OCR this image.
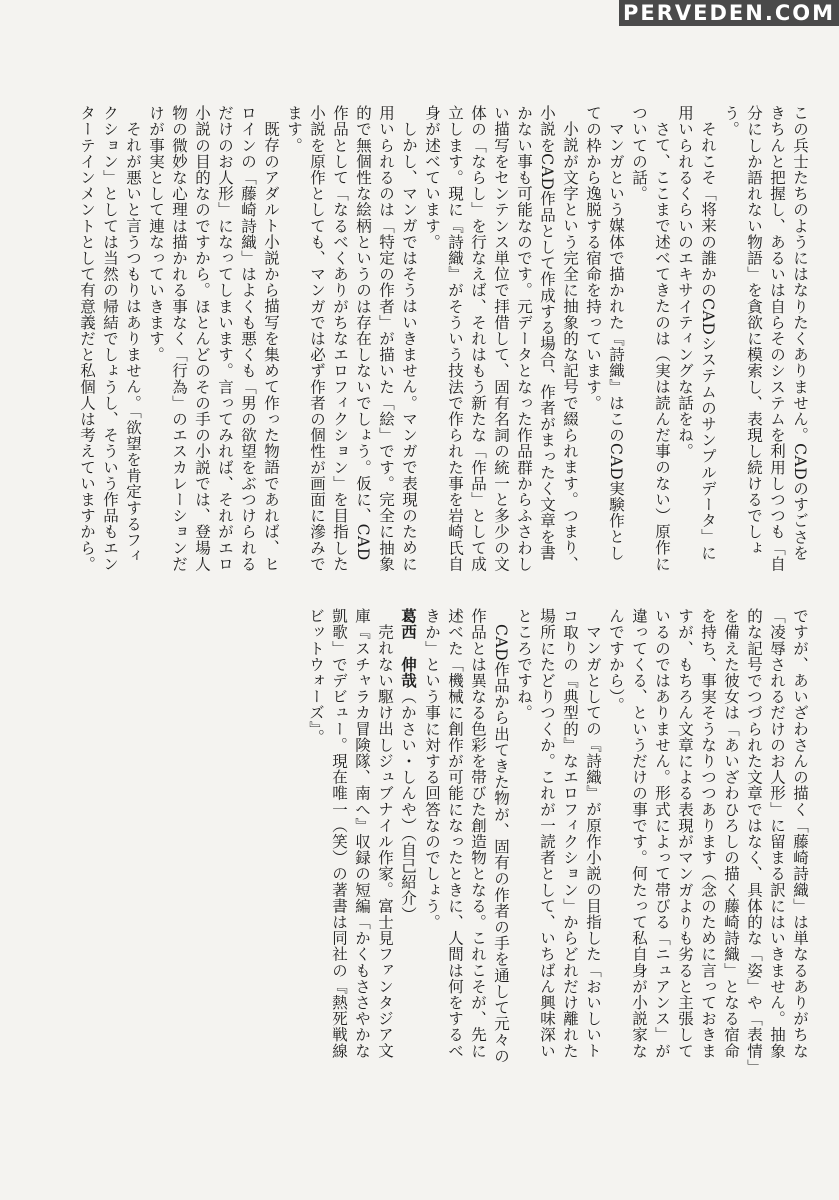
PERVEDEN.COM

この兵士たちのようにはなりたくありません。CADのすごさをきちんと把握し、あるいは自らそのシステムを利用しつつも「自分にしか語れない物語」を貪欲に模索し、表現し続けるでしょう。

それこそ「将来の誰かのCADシステムのサンプルデータ」に用いられるくらいのエキサイティングな話をね。

さて、ここまで述べてきたのは（実は読んだ事のない）原作についての話。

マンガという媒体で描かれた『詩織』はこのCAD実験作としての枠から逸脱する宿命を持っています。

小説が文字という完全に抽象的な記号で綴られます。つまり、小説をCAD作品として作成する場合、作者がまったく文章を書かない事も可能なのです。元データとなった作品群からふさわしい描写をセンテンス単位で拝借して、固有名詞の統一と多少の文体の「ならし」を行なえば、それはもう新たな「作品」として成立します。現に『詩織』がそういう技法で作られた事を岩崎氏自身が述べています。

しかし、マンガではそうはいきません。マンガで表現のために用いられるのは「特定の作者」が描いた「絵」です。完全に抽象的で無個性な絵柄というのは存在しないでしょう。仮に、CAD作品として「なるべくありがちなエロフィクション」を目指した小説を原作としても、マンガでは必ず作者の個性が画面に滲みでます。

既存のアダルト小説から描写を集めて作った物語であれば、ヒロインの「藤崎詩織」はよくも悪くも「男の欲望をぶつけられるだけのお人形」になってしまいます。言ってみれば、それがエロ小説の目的なのですから。ほとんどのその手の小説では、登場人物の微妙な心理は描かれる事なく「行為」のエスカレーションだけが事実として連なっていきます。

それが悪いと言うつもりはありません。「欲望を肯定するフィクション」としては当然の帰結でしょうし、そういう作品もエンターテインメントとして有意義だと私個人は考えていますから。

ですが、あいざわさんの描く「藤崎詩織」は単なるありがちな「凌辱されるだけのお人形」に留まる訳にはいきません。抽象的な記号でつづられた文章ではなく、具体的な「姿」や「表情」を備えた彼女は「あいざわひろしの描く藤崎詩織」となる宿命を持ち、事実そうなりつつあります（念のために言っておきますが、もちろん文章による表現がマンガよりも劣ると主張しているのではありません。形式によって帯びる「ニュアンス」が違ってくる、というだけの事です。何たって私自身が小説家なんですから）。

マンガとしての『詩織』が原作小説の目指した「おいしいトコ取りの『典型的』なエロフィクション」からどれだけ離れた場所にたどりつくか。これが一読者として、いちばん興味深いところですね。

CAD作品から出てきた物が、固有の作者の手を通して元々の作品とは異なる色彩を帯びた創造物となる。これこそが、先に述べた「機械に創作が可能になったときに、人間は何をするべきか」という事に対する回答なのでしょう。

葛西　伸哉（かさい・しんや）（自己紹介）

売れない駆け出しジュブナイル作家。富士見ファンタジア文庫『スチャラカ冒険隊、南へ』収録の短編「かくもささやかな凱歌」でデビュー。現在唯一（笑）の著書は同社の『熱死戦線ビットウォーズ』。
